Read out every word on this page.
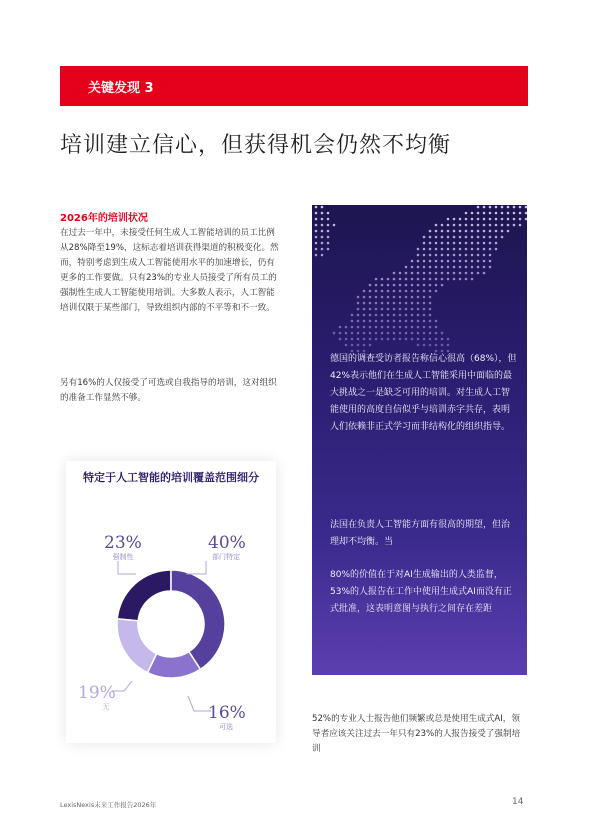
关键发现 3
培训建立信心，但获得机会仍然不均衡
2026年的培训状况
在过去一年中，未接受任何生成人工智能培训的员工比例从28%降至19%，这标志着培训获得渠道的积极变化。然而，特别考虑到生成人工智能使用水平的加速增长，仍有更多的工作要做。只有23%的专业人员接受了所有员工的强制性生成人工智能使用培训。大多数人表示，人工智能培训仅限于某些部门，导致组织内部的不平等和不一致。
另有16%的人仅接受了可选或自我指导的培训，这对组织的准备工作显然不够。
23%	40%
19%
16%
强制性	部门特定
无
可选
特定于人工智能的培训覆盖范围细分
德国的调查受访者报告称信心很高（68%），但42%表示他们在生成人工智能采用中面临的最大挑战之一是缺乏可用的培训。对生成人工智能使用的高度自信似乎与培训赤字共存，表明人们依赖非正式学习而非结构化的组织指导。
法国在负责人工智能方面有很高的期望，但治理却不均衡。当
80%的价值在于对AI生成输出的人类监督，53%的人报告在工作中使用生成式AI而没有正式批准，这表明意图与执行之间存在差距
52%的专业人士报告他们频繁或总是使用生成式AI，领导者应该关注过去一年只有23%的人报告接受了强制培训
LexisNexis未来工作报告2026年	14
